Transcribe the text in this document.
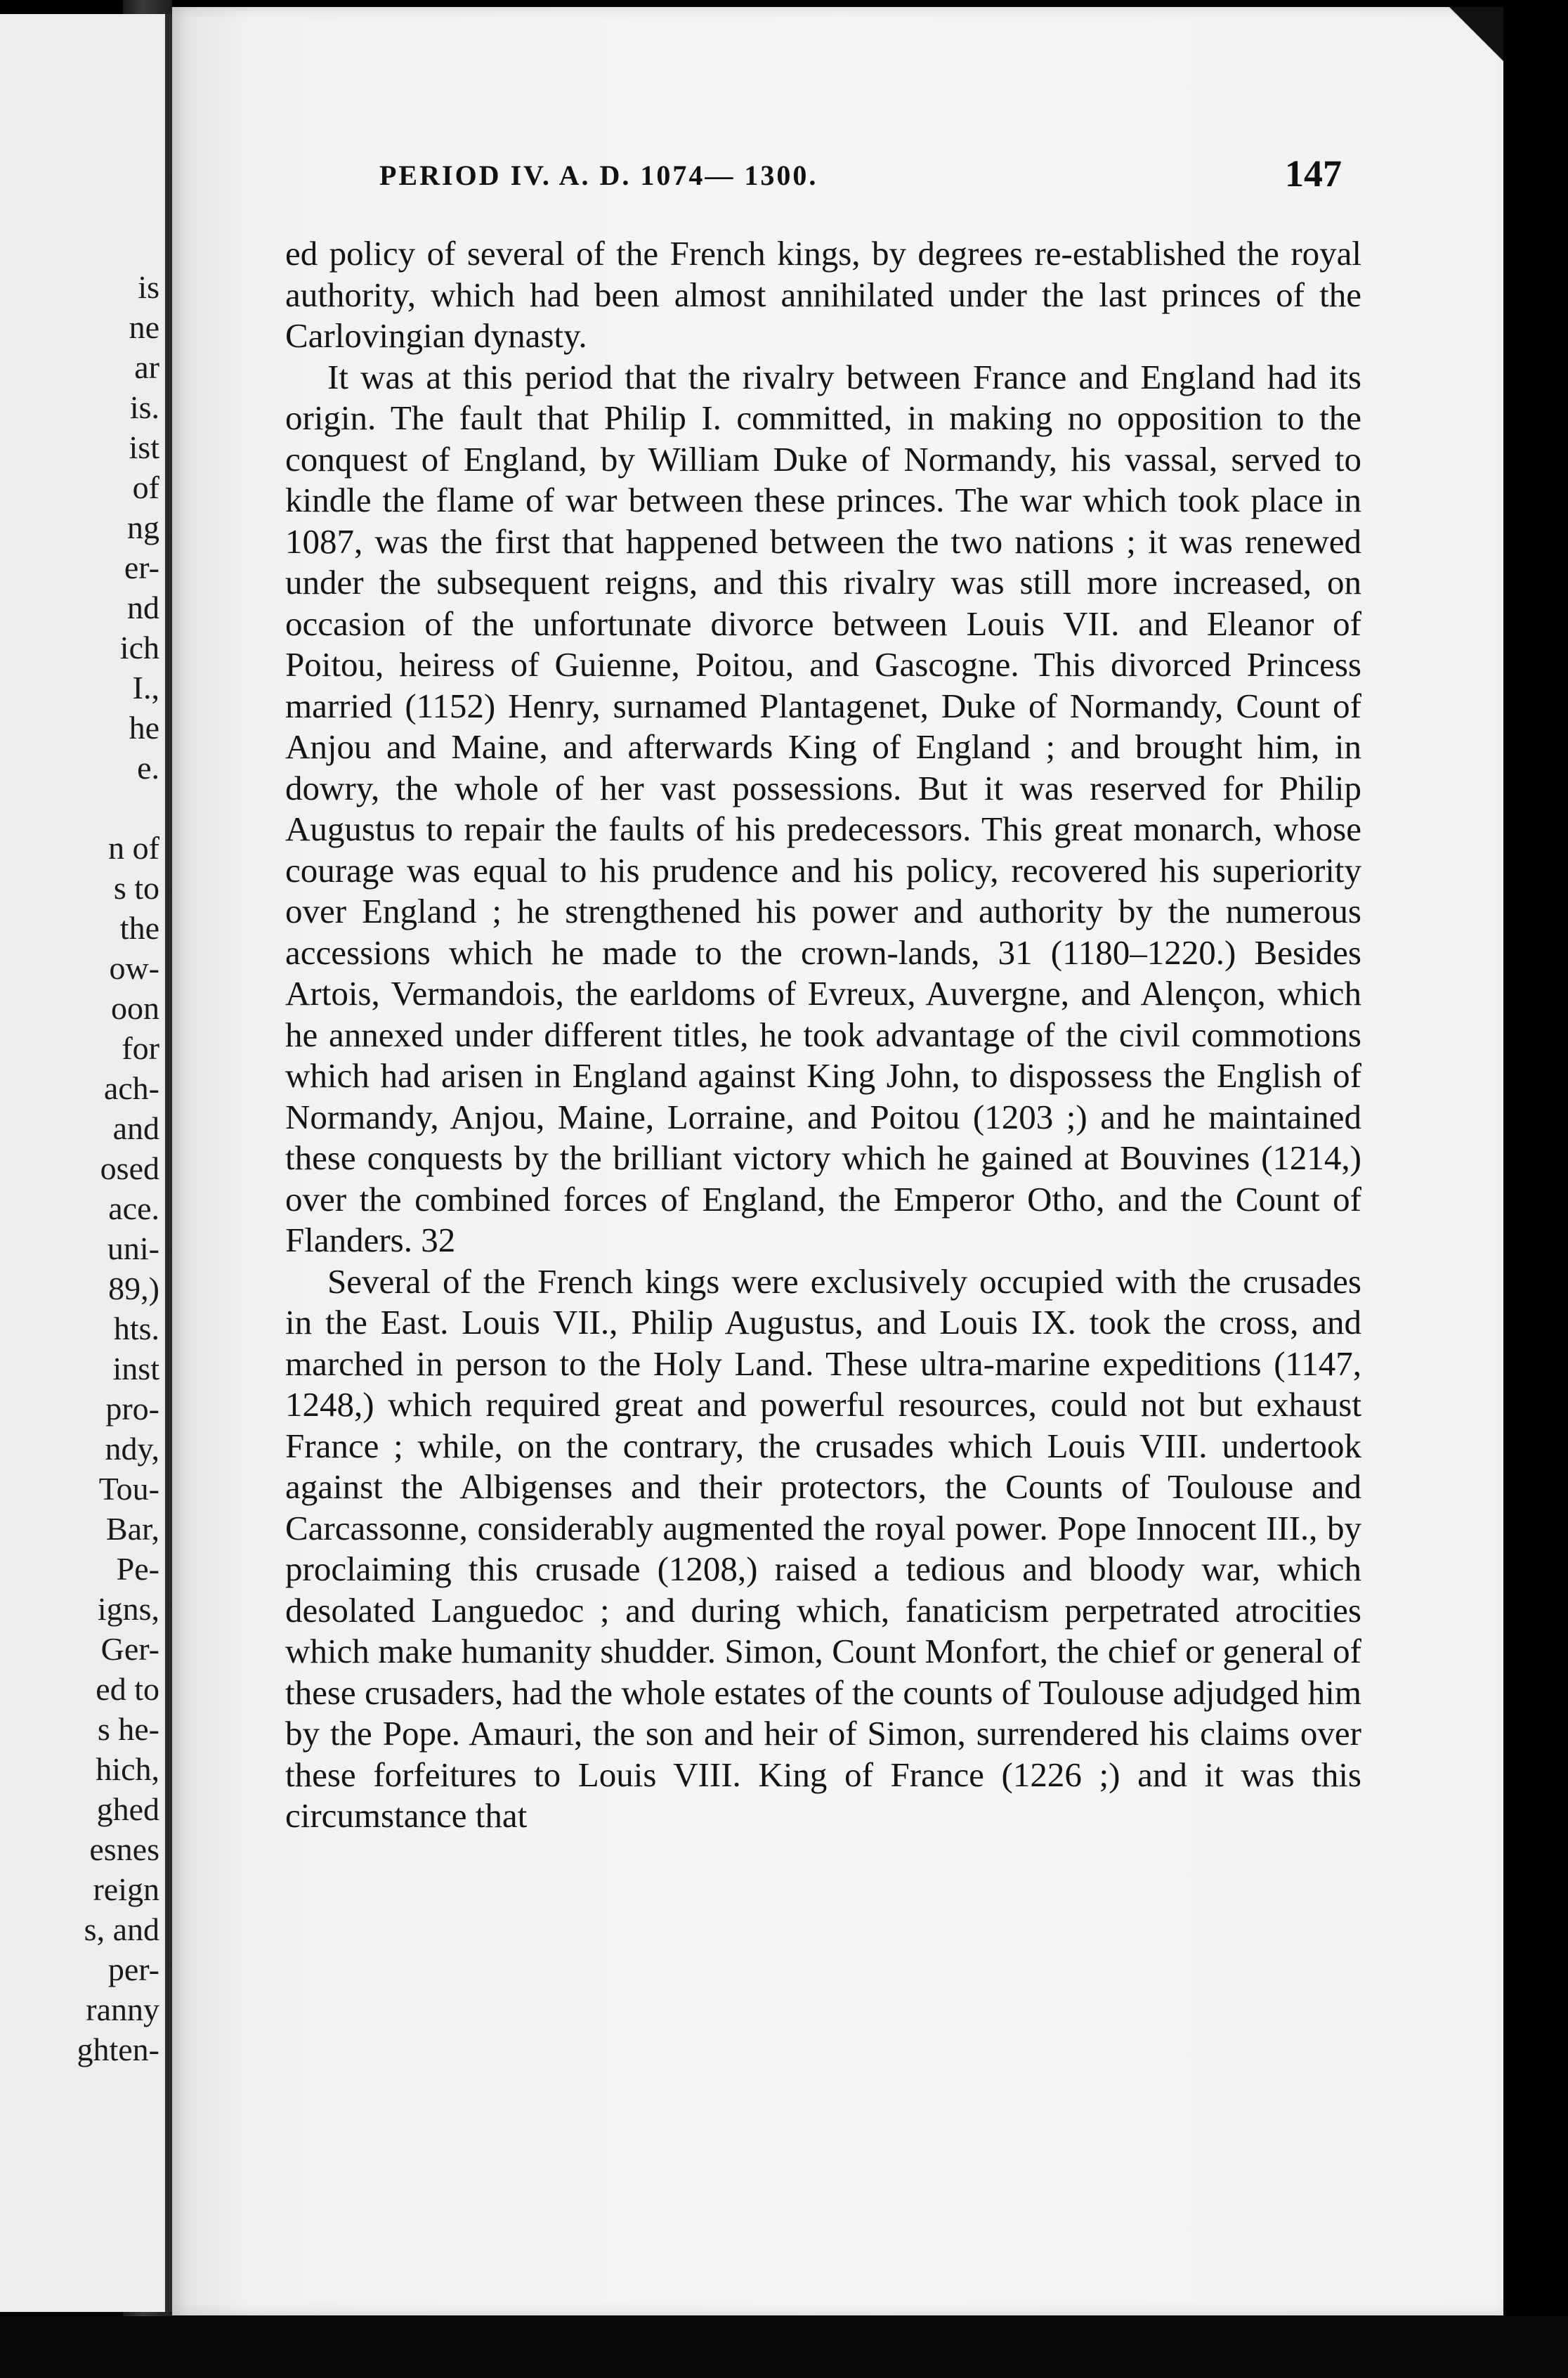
is
ne
ar
is.
ist
of
ng
er-
nd
ich
I.,
he
e.
n of
s to
the
ow-
oon
for
ach-
and
osed
ace.
uni-
89,)
hts.
inst
pro-
ndy,
Tou-
Bar,
Pe-
igns,
Ger-
ed to
s he-
hich,
ghed
esnes
reign
s, and
per-
ranny
ghten-
PERIOD IV. A. D. 1074— 1300.	147

ed policy of several of the French kings, by degrees re-established the royal authority, which had been almost annihilated under the last princes of the Carlovingian dynasty.

It was at this period that the rivalry between France and England had its origin. The fault that Philip I. committed, in making no opposition to the conquest of England, by William Duke of Normandy, his vassal, served to kindle the flame of war between these princes. The war which took place in 1087, was the first that happened between the two nations ; it was renewed under the subsequent reigns, and this rivalry was still more increased, on occasion of the unfortunate divorce between Louis VII. and Eleanor of Poitou, heiress of Guienne, Poitou, and Gascogne. This divorced Princess married (1152) Henry, surnamed Plantagenet, Duke of Normandy, Count of Anjou and Maine, and afterwards King of England ; and brought him, in dowry, the whole of her vast possessions. But it was reserved for Philip Augustus to repair the faults of his predecessors. This great monarch, whose courage was equal to his prudence and his policy, recovered his superiority over England ; he strengthened his power and authority by the numerous accessions which he made to the crown-lands, 31 (1180–1220.) Besides Artois, Vermandois, the earldoms of Evreux, Auvergne, and Alençon, which he annexed under different titles, he took advantage of the civil commotions which had arisen in England against King John, to dispossess the English of Normandy, Anjou, Maine, Lorraine, and Poitou (1203 ;) and he maintained these conquests by the brilliant victory which he gained at Bouvines (1214,) over the combined forces of England, the Emperor Otho, and the Count of Flanders. 32

Several of the French kings were exclusively occupied with the crusades in the East. Louis VII., Philip Augustus, and Louis IX. took the cross, and marched in person to the Holy Land. These ultra-marine expeditions (1147, 1248,) which required great and powerful resources, could not but exhaust France ; while, on the contrary, the crusades which Louis VIII. undertook against the Albigenses and their protectors, the Counts of Toulouse and Carcassonne, considerably augmented the royal power. Pope Innocent III., by proclaiming this crusade (1208,) raised a tedious and bloody war, which desolated Languedoc ; and during which, fanaticism perpetrated atrocities which make humanity shudder. Simon, Count Monfort, the chief or general of these crusaders, had the whole estates of the counts of Toulouse adjudged him by the Pope. Amauri, the son and heir of Simon, surrendered his claims over these forfeitures to Louis VIII. King of France (1226 ;) and it was this circumstance that
